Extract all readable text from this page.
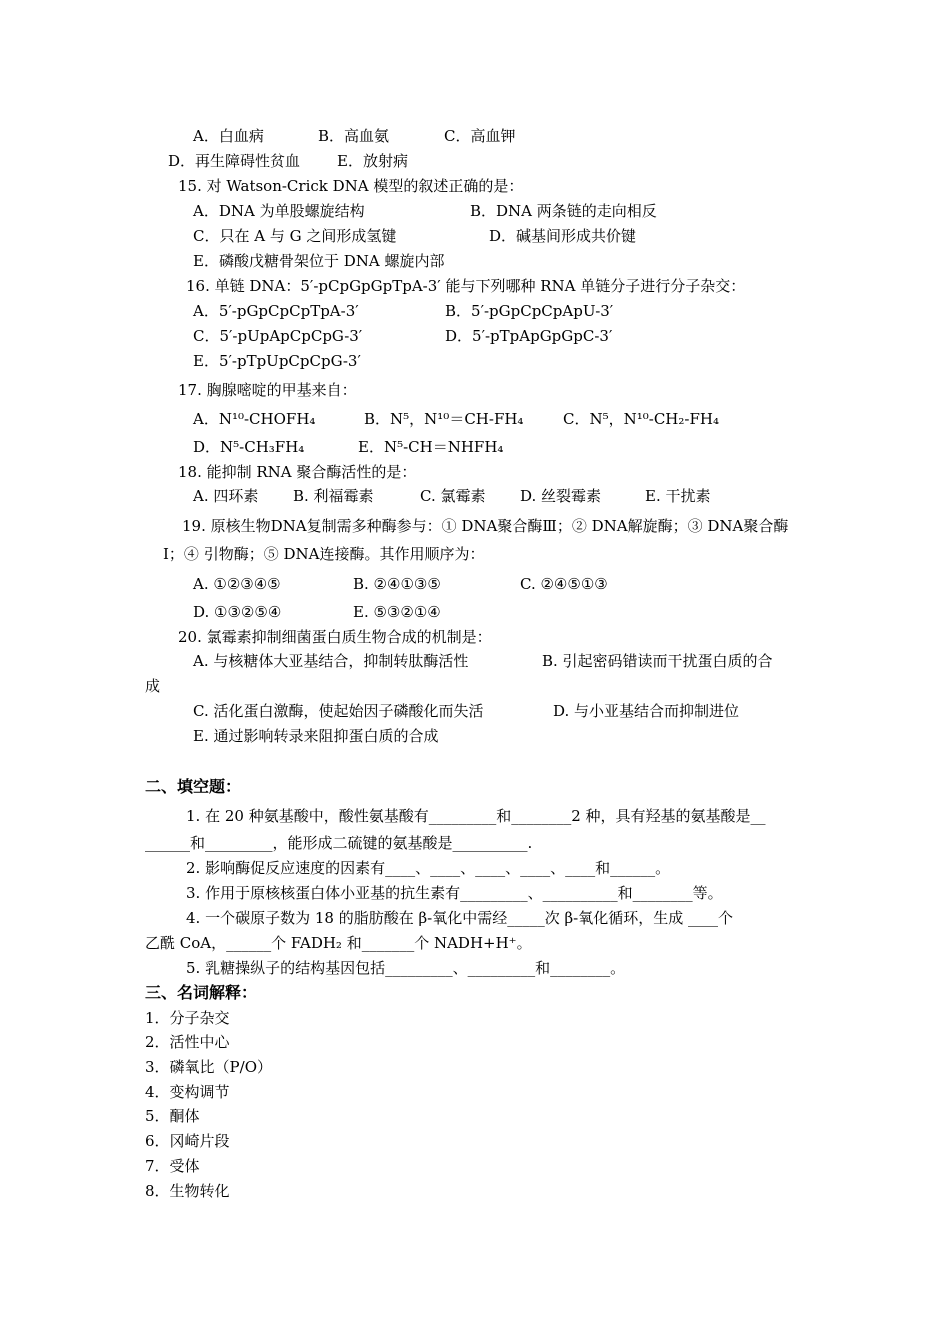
A．白血病	B．高血氨	C．高血钾
D．再生障碍性贫血 E．放射病
15. 对 Watson-Crick DNA 模型的叙述正确的是：
A．DNA 为单股螺旋结构	B．DNA 两条链的走向相反
C．只在 A 与 G 之间形成氢键	D．碱基间形成共价键
E．磷酸戊糖骨架位于 DNA 螺旋内部
16. 单链 DNA：5′-pCpGpGpTpA-3′ 能与下列哪种 RNA 单链分子进行分子杂交：
A．5′-pGpCpCpTpA-3′	B．5′-pGpCpCpApU-3′
C．5′-pUpApCpCpG-3′	D．5′-pTpApGpGpC-3′
E．5′-pTpUpCpCpG-3′
17. 胸腺嘧啶的甲基来自：
A．N¹⁰-CHOFH₄	B．N⁵，N¹⁰＝CH-FH₄	C．N⁵，N¹⁰-CH₂-FH₄
D．N⁵-CH₃FH₄	E．N⁵-CH＝NHFH₄
18. 能抑制 RNA 聚合酶活性的是：
A. 四环素 B. 利福霉素	C. 氯霉素 D. 丝裂霉素	E. 干扰素
19. 原核生物DNA复制需多种酶参与：① DNA聚合酶Ⅲ；② DNA解旋酶；③ DNA聚合酶
Ⅰ；④ 引物酶；⑤ DNA连接酶。其作用顺序为：
A. ①②③④⑤	B. ②④①③⑤	C. ②④⑤①③
D. ①③②⑤④	E. ⑤③②①④
20. 氯霉素抑制细菌蛋白质生物合成的机制是：
A. 与核糖体大亚基结合，抑制转肽酶活性	B. 引起密码错读而干扰蛋白质的合
成
C. 活化蛋白激酶，使起始因子磷酸化而失活	D. 与小亚基结合而抑制进位
E. 通过影响转录来阻抑蛋白质的合成
二、填空题：
1. 在 20 种氨基酸中，酸性氨基酸有_________和________2 种，具有羟基的氨基酸是__
______和_________，能形成二硫键的氨基酸是__________.
2. 影响酶促反应速度的因素有____、____、____、____、____和______。
3. 作用于原核核蛋白体小亚基的抗生素有_________、__________和________等。
4. 一个碳原子数为 18 的脂肪酸在 β-氧化中需经_____次 β-氧化循环，生成 ____个
乙酰 CoA，______个 FADH₂ 和_______个 NADH+H⁺。
5. 乳糖操纵子的结构基因包括_________、_________和________。
三、名词解释：
1．分子杂交
2．活性中心
3．磷氧比（P/O）
4．变构调节
5．酮体
6．冈崎片段
7．受体
8．生物转化
